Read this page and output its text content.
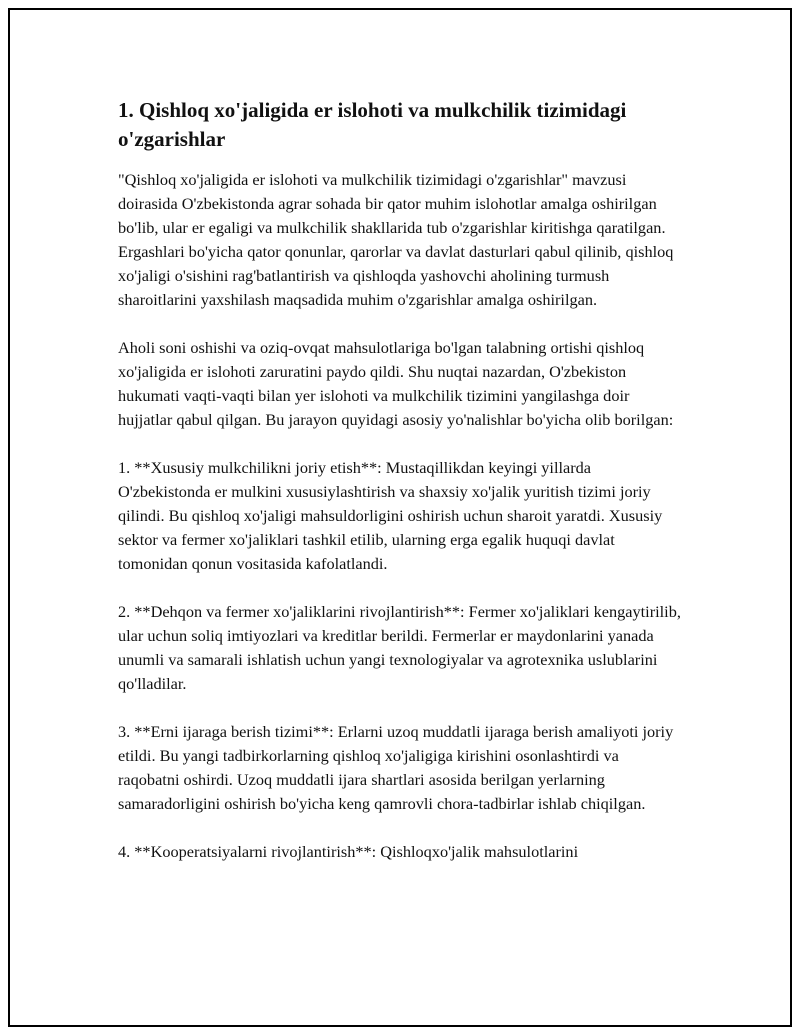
1. Qishloq xo'jaligida er islohoti va mulkchilik tizimidagi o'zgarishlar

"Qishloq xo'jaligida er islohoti va mulkchilik tizimidagi o'zgarishlar" mavzusi doirasida O'zbekistonda agrar sohada bir qator muhim islohotlar amalga oshirilgan bo'lib, ular er egaligi va mulkchilik shakllarida tub o'zgarishlar kiritishga qaratilgan. Ergashlari bo'yicha qator qonunlar, qarorlar va davlat dasturlari qabul qilinib, qishloq xo'jaligi o'sishini rag'batlantirish va qishloqda yashovchi aholining turmush sharoitlarini yaxshilash maqsadida muhim o'zgarishlar amalga oshirilgan.

Aholi soni oshishi va oziq-ovqat mahsulotlariga bo'lgan talabning ortishi qishloq xo'jaligida er islohoti zaruratini paydo qildi. Shu nuqtai nazardan, O'zbekiston hukumati vaqti-vaqti bilan yer islohoti va mulkchilik tizimini yangilashga doir hujjatlar qabul qilgan. Bu jarayon quyidagi asosiy yo'nalishlar bo'yicha olib borilgan:

1. **Xususiy mulkchilikni joriy etish**: Mustaqillikdan keyingi yillarda O'zbekistonda er mulkini xususiylashtirish va shaxsiy xo'jalik yuritish tizimi joriy qilindi. Bu qishloq xo'jaligi mahsuldorligini oshirish uchun sharoit yaratdi. Xususiy sektor va fermer xo'jaliklari tashkil etilib, ularning erga egalik huquqi davlat tomonidan qonun vositasida kafolatlandi.

2. **Dehqon va fermer xo'jaliklarini rivojlantirish**: Fermer xo'jaliklari kengaytirilib, ular uchun soliq imtiyozlari va kreditlar berildi. Fermerlar er maydonlarini yanada unumli va samarali ishlatish uchun yangi texnologiyalar va agrotexnika uslublarini qo'lladilar.

3. **Erni ijaraga berish tizimi**: Erlarni uzoq muddatli ijaraga berish amaliyoti joriy etildi. Bu yangi tadbirkorlarning qishloq xo'jaligiga kirishini osonlashtirdi va raqobatni oshirdi. Uzoq muddatli ijara shartlari asosida berilgan yerlarning samaradorligini oshirish bo'yicha keng qamrovli chora-tadbirlar ishlab chiqilgan.

4. **Kooperatsiyalarni rivojlantirish**: Qishloqxo'jalik mahsulotlarini
